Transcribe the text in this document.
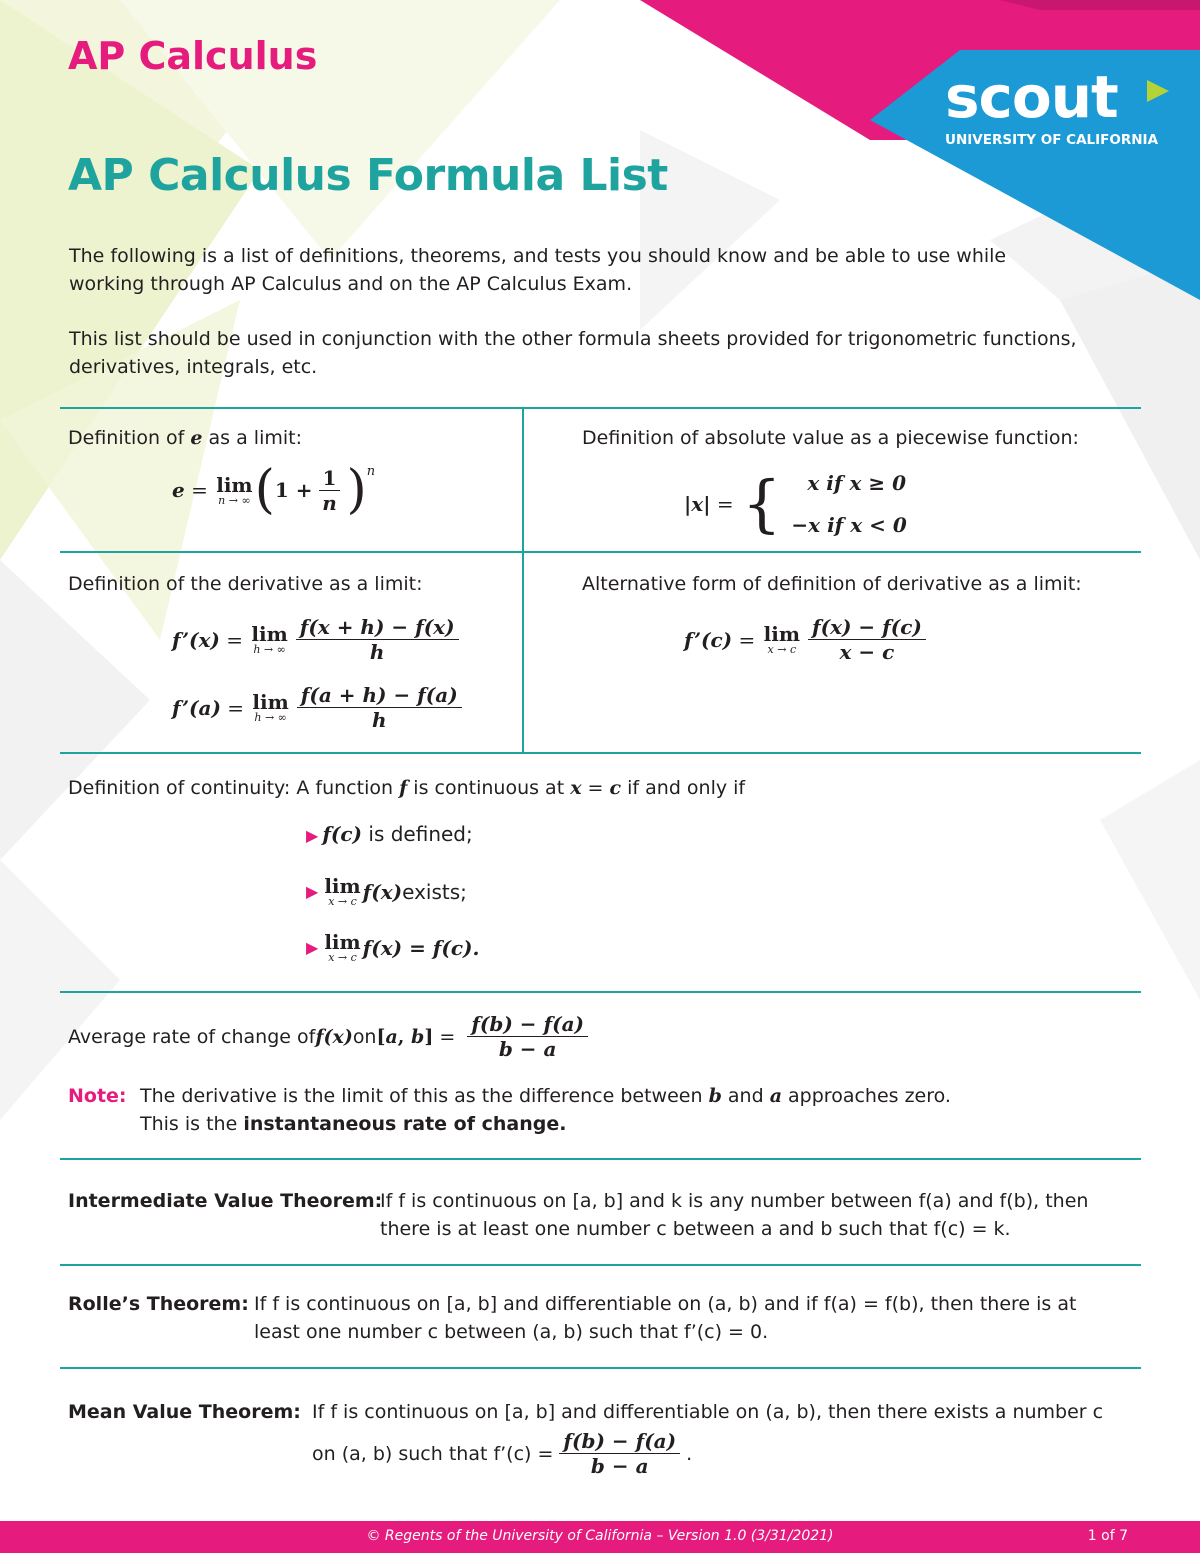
scout
UNIVERSITY OF CALIFORNIA
AP Calculus
AP Calculus Formula List
The following is a list of definitions, theorems, and tests you should know and be able to use while
working through AP Calculus and on the AP Calculus Exam.
This list should be used in conjunction with the other formula sheets provided for trigonometric functions,
derivatives, integrals, etc.
Definition of e as a limit:
e = lim
n → ∞ ( $1 + \frac{1}{n}$ ) n
Definition of absolute value as a piecewise function:
|x| = {	x if x ≥ 0
−x if x < 0
Definition of the derivative as a limit:
f’(x) = lim
h → ∞ $\frac{f(x + h) - f(x)}{h}$
f’(a) = lim
h → ∞ $\frac{f(a + h) - f(a)}{h}$
Alternative form of definition of derivative as a limit:
f’(c) = lim
x → c $\frac{f(x) - f(c)}{x - c}$
Definition of continuity: A function f is continuous at x = c if and only if
▶ f(c) is defined;
▶ lim
x → c f(x) exists;
▶ lim
x → c f(x) = f(c).
Average rate of change of f(x) on [a, $b] = \frac{f(b) - f(a)}{b - a}$
Note: The derivative is the limit of this as the difference between b and a approaches zero.
This is the instantaneous rate of change.
Intermediate Value Theorem:
If f is continuous on [a, b] and k is any number between f(a) and f(b), then
there is at least one number c between a and b such that f(c) = k.
Rolle’s Theorem: If f is continuous on [a, b] and differentiable on (a, b) and if f(a) = f(b), then there is at
least one number c between (a, b) such that f’(c) = 0.
Mean Value Theorem: If f is continuous on [a, b] and differentiable on (a, b), then there exists a number c
on (a, b) such that f’(c) = $\frac{f(b) - f(a)}{b - a}$ .
© Regents of the University of California – Version 1.0 (3/31/2021)	1 of 7
